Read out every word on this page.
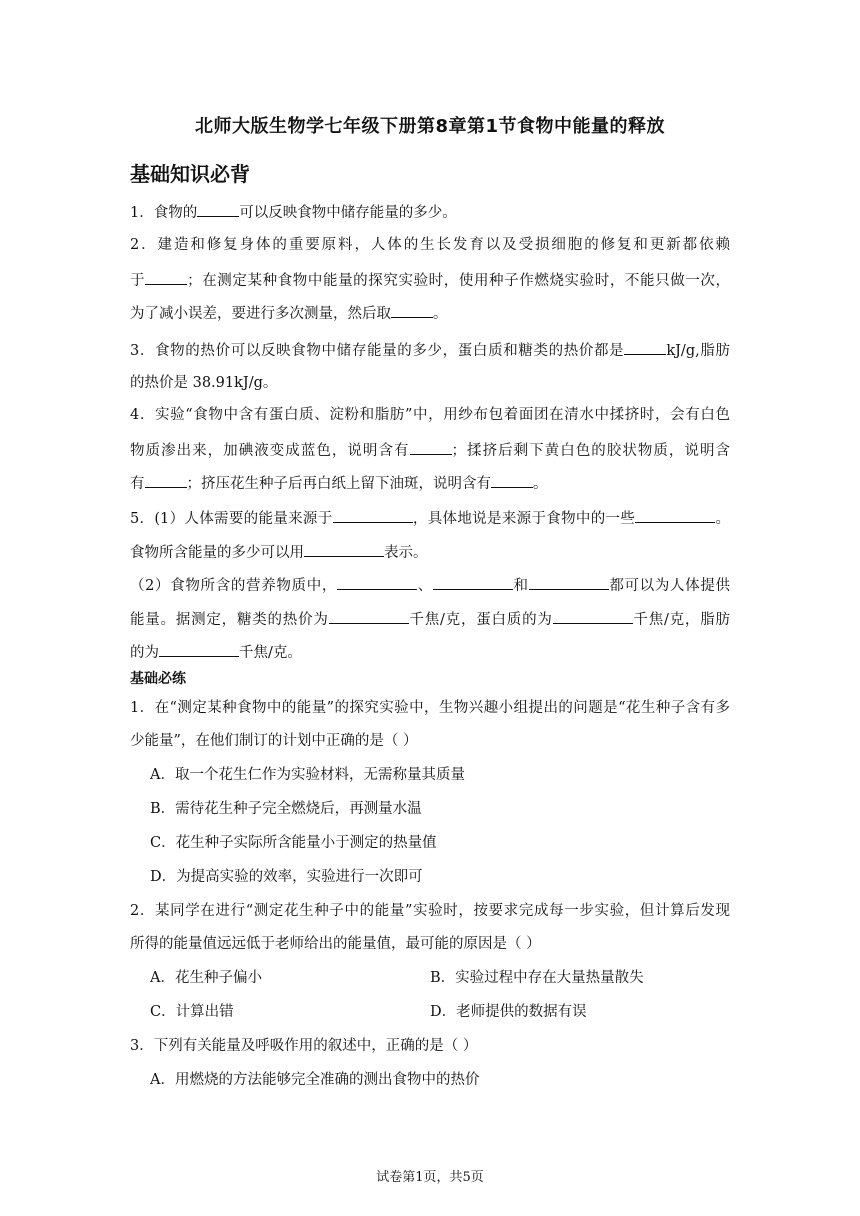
北师大版生物学七年级下册第8章第1节食物中能量的释放
基础知识必背
1．食物的	可以反映食物中储存能量的多少。
2．建造和修复身体的重要原料，人体的生长发育以及受损细胞的修复和更新都依赖
于	；在测定某种食物中能量的探究实验时，使用种子作燃烧实验时，不能只做一次，
为了减小误差，要进行多次测量，然后取	。
3．食物的热价可以反映食物中储存能量的多少，蛋白质和糖类的热价都是	kJ/g,脂肪
的热价是 38.91kJ/g。
4．实验“食物中含有蛋白质、淀粉和脂肪”中，用纱布包着面团在清水中揉挤时，会有白色
物质渗出来，加碘液变成蓝色，说明含有	；揉挤后剩下黄白色的胶状物质，说明含
有	；挤压花生种子后再白纸上留下油斑，说明含有	。
5．(1）人体需要的能量来源于	，具体地说是来源于食物中的一些	。
食物所含能量的多少可以用	表示。
（2）食物所含的营养物质中，	、	和	都可以为人体提供
能量。据测定，糖类的热价为	千焦/克，蛋白质的为	千焦/克，脂肪
的为	千焦/克。
基础必练
1．在“测定某种食物中的能量”的探究实验中，生物兴趣小组提出的问题是“花生种子含有多
少能量”，在他们制订的计划中正确的是（ ）
A．取一个花生仁作为实验材料，无需称量其质量
B．需待花生种子完全燃烧后，再测量水温
C．花生种子实际所含能量小于测定的热量值
D．为提高实验的效率，实验进行一次即可
2．某同学在进行“测定花生种子中的能量”实验时，按要求完成每一步实验，但计算后发现
所得的能量值远远低于老师给出的能量值，最可能的原因是（ ）
A．花生种子偏小	B．实验过程中存在大量热量散失
C．计算出错	D．老师提供的数据有误
3．下列有关能量及呼吸作用的叙述中，正确的是（ ）
A．用燃烧的方法能够完全准确的测出食物中的热价
试卷第1页，共5页
